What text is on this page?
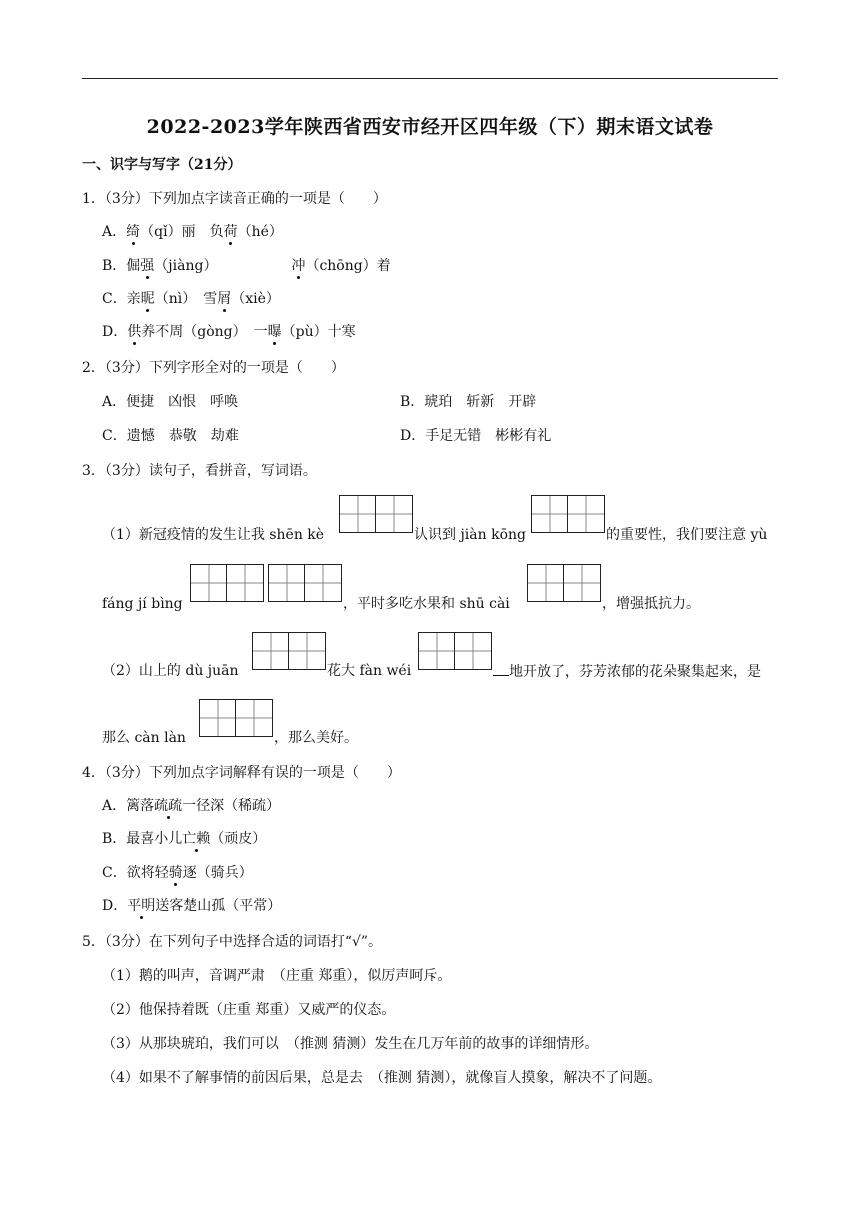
2022-2023学年陕西省西安市经开区四年级（下）期末语文试卷
一、识字与写字（21分）
1．（3分）下列加点字读音正确的一项是（　　）
A．绮（qǐ）丽　负荷（hé）
B．倔强（jiàng）	冲（chōng）着
C．亲昵（nì）　雪屑（xiè）
D．供养不周（gòng）　一曝（pù）十寒
2．（3分）下列字形全对的一项是（　　）
A．便捷　凶恨　呼唤	B．琥珀　斩新　开辟
C．遗憾　恭敬　劫难	D．手足无错　彬彬有礼
3．（3分）读句子，看拼音，写词语。
（1）新冠疫情的发生让我 shēn kè	认识到 jiàn kōng	的重要性，我们要注意 yù
fáng jí bìng	，平时多吃水果和 shū cài	，增强抵抗力。
（2）山上的 dù juān	花大 fàn wéi	地开放了，芬芳浓郁的花朵聚集起来，是
那么 càn làn	，那么美好。
4．（3分）下列加点字词解释有误的一项是（　　）
A．篱落疏疏一径深（稀疏）
B．最喜小儿亡赖（顽皮）
C．欲将轻骑逐（骑兵）
D．平明送客楚山孤（平常）
5．（3分）在下列句子中选择合适的词语打“√”。
（1）鹅的叫声，音调严肃　（庄重 郑重），似厉声呵斥。
（2）他保持着既（庄重 郑重）又威严的仪态。
（3）从那块琥珀，我们可以　（推测 猜测）发生在几万年前的故事的详细情形。
（4）如果不了解事情的前因后果，总是去　（推测 猜测），就像盲人摸象，解决不了问题。
